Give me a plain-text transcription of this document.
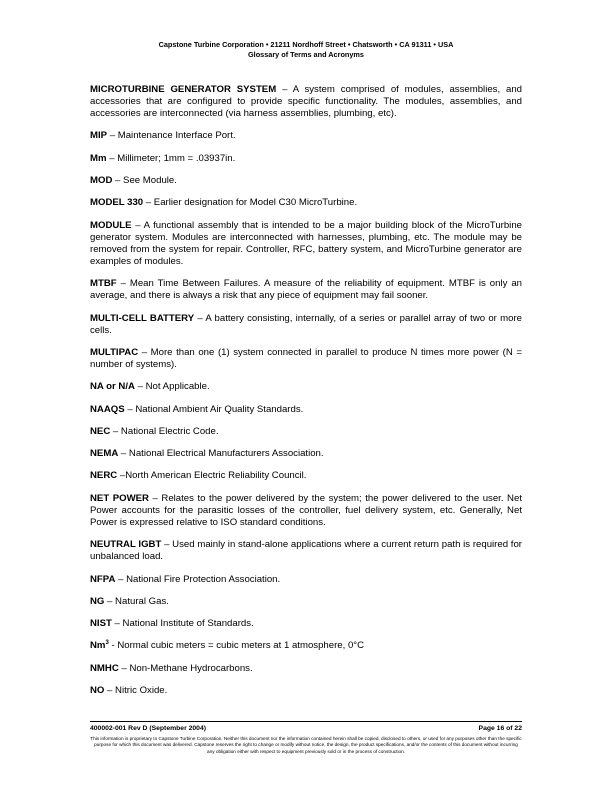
Capstone Turbine Corporation • 21211 Nordhoff Street • Chatsworth • CA 91311 • USA
Glossary of Terms and Acronyms

MICROTURBINE GENERATOR SYSTEM – A system comprised of modules, assemblies, and accessories that are configured to provide specific functionality. The modules, assemblies, and accessories are interconnected (via harness assemblies, plumbing, etc).

MIP – Maintenance Interface Port.

Mm – Millimeter; 1mm = .03937in.

MOD – See Module.

MODEL 330 – Earlier designation for Model C30 MicroTurbine.

MODULE – A functional assembly that is intended to be a major building block of the MicroTurbine generator system. Modules are interconnected with harnesses, plumbing, etc. The module may be removed from the system for repair. Controller, RFC, battery system, and MicroTurbine generator are examples of modules.

MTBF – Mean Time Between Failures. A measure of the reliability of equipment. MTBF is only an average, and there is always a risk that any piece of equipment may fail sooner.

MULTI-CELL BATTERY – A battery consisting, internally, of a series or parallel array of two or more cells.

MULTIPAC – More than one (1) system connected in parallel to produce N times more power (N = number of systems).

NA or N/A – Not Applicable.

NAAQS – National Ambient Air Quality Standards.

NEC – National Electric Code.

NEMA – National Electrical Manufacturers Association.

NERC –North American Electric Reliability Council.

NET POWER – Relates to the power delivered by the system; the power delivered to the user. Net Power accounts for the parasitic losses of the controller, fuel delivery system, etc. Generally, Net Power is expressed relative to ISO standard conditions.

NEUTRAL IGBT – Used mainly in stand-alone applications where a current return path is required for unbalanced load.

NFPA – National Fire Protection Association.

NG – Natural Gas.

NIST – National Institute of Standards.

Nm$^3$ - Normal cubic meters = cubic meters at 1 atmosphere, 0°C

NMHC – Non-Methane Hydrocarbons.

NO – Nitric Oxide.

400002-001 Rev D (September 2004)	Page 16 of 22
This information is proprietary to Capstone Turbine Corporation. Neither this document nor the information contained herein shall be copied, disclosed to others, or used for any purposes other than the specific purpose for which this document was delivered. Capstone reserves the right to change or modify without notice, the design, the product specifications, and/or the contents of this document without incurring any obligation either with respect to equipment previously sold or in the process of construction.
